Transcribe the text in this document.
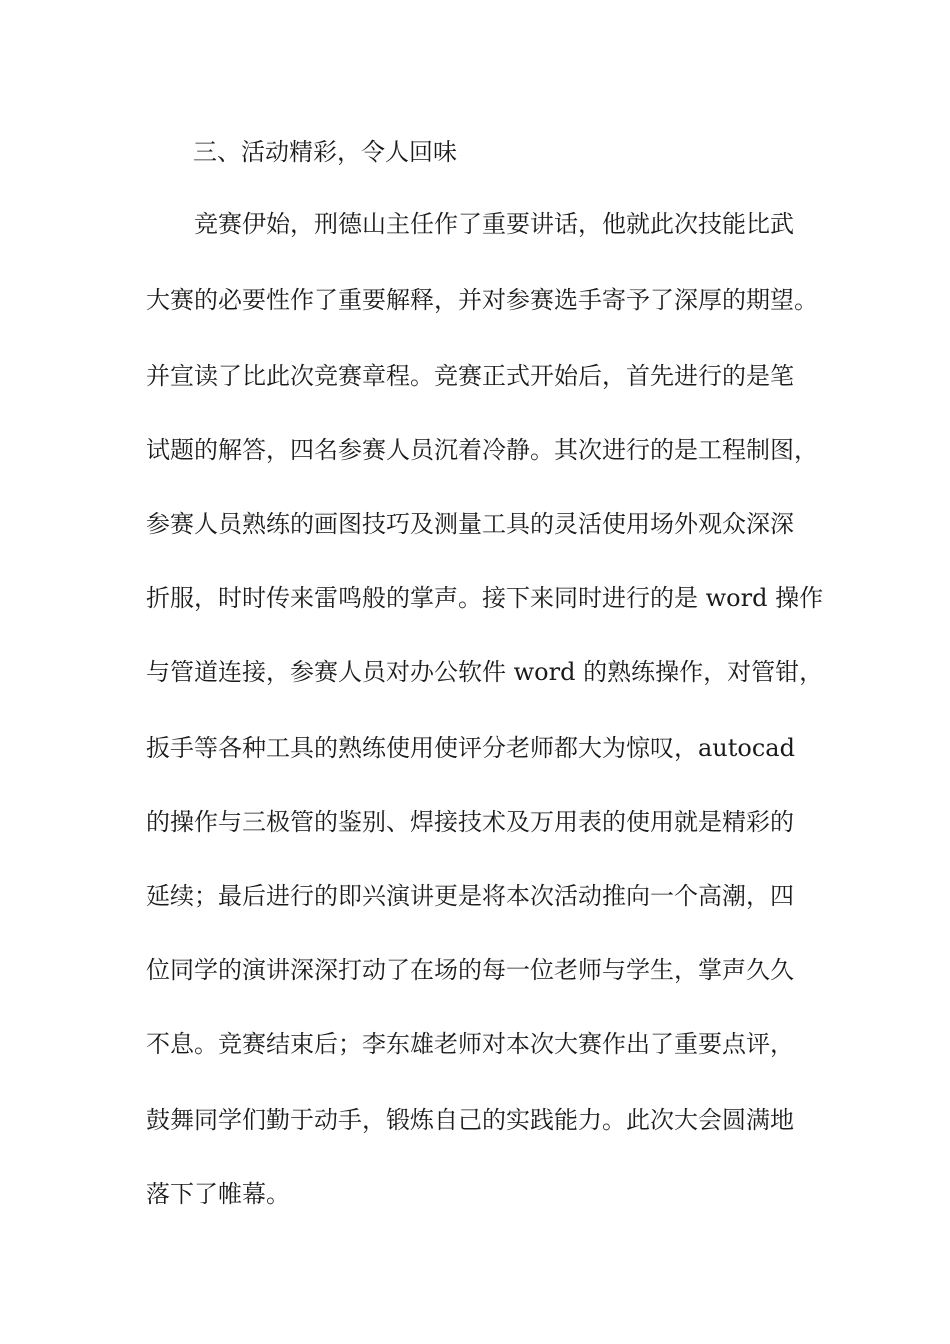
三、活动精彩，令人回味
　　竞赛伊始，刑德山主任作了重要讲话，他就此次技能比武
大赛的必要性作了重要解释，并对参赛选手寄予了深厚的期望。
并宣读了比此次竞赛章程。竞赛正式开始后，首先进行的是笔
试题的解答，四名参赛人员沉着冷静。其次进行的是工程制图，
参赛人员熟练的画图技巧及测量工具的灵活使用场外观众深深
折服，时时传来雷鸣般的掌声。接下来同时进行的是 word 操作
与管道连接，参赛人员对办公软件 word 的熟练操作，对管钳，
扳手等各种工具的熟练使用使评分老师都大为惊叹，autocad
的操作与三极管的鉴别、焊接技术及万用表的使用就是精彩的
延续；最后进行的即兴演讲更是将本次活动推向一个高潮，四
位同学的演讲深深打动了在场的每一位老师与学生，掌声久久
不息。竞赛结束后；李东雄老师对本次大赛作出了重要点评，
鼓舞同学们勤于动手，锻炼自己的实践能力。此次大会圆满地
落下了帷幕。
